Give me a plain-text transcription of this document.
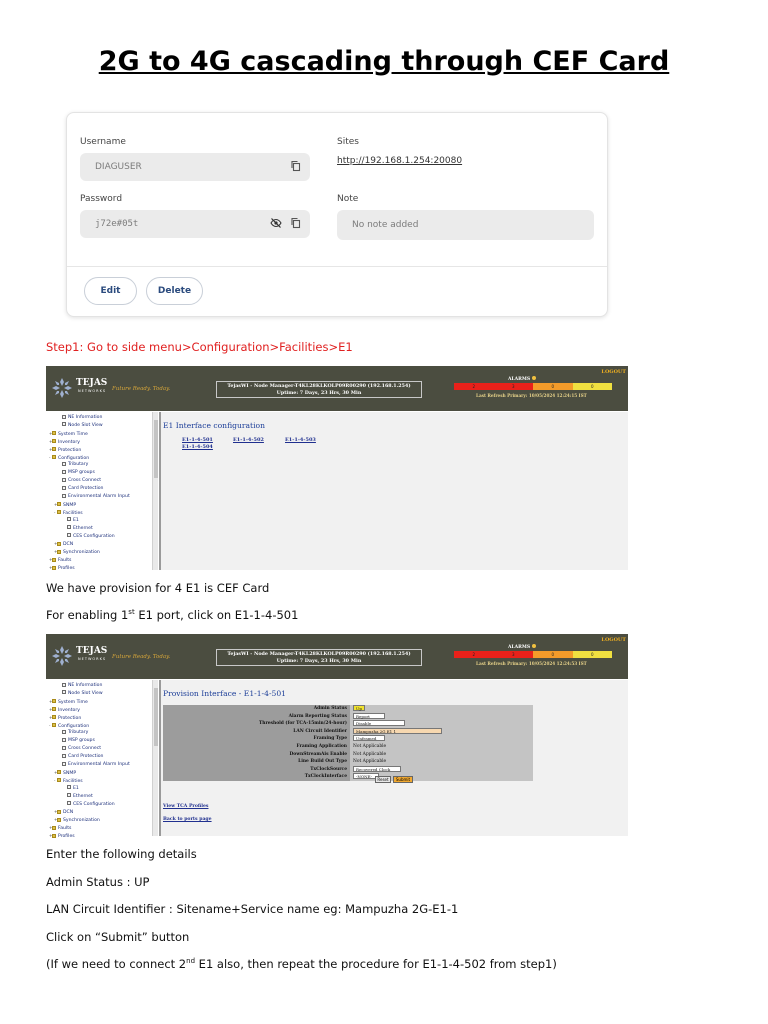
2G to 4G cascading through CEF Card
Username
DIAGUSER
Password
j72e#05t
Sites
http://192.168.1.254:20080
Note
No note added
Edit	Delete
Step1: Go to side menu>Configuration>Facilities>E1
TEJAS
NETWORKS Future Ready. Today.	TejasWI - Node Manager-T4KL28KLKOLP09R00290 (192.168.1.254)
Uptime: 7 Days, 23 Hrs, 30 Min
ALARMS
2	3	0	0
Last Refresh Primary: 10/05/2024 12:24:15 IST
LOGOUT
NE Information
Node Slot View
+ System Time
+ Inventory
+ Protection
- Configuration
Tributary
MSP groups
Cross Connect
Card Protection
Environmental Alarm Input
+ SNMP
- Facilities
E1
Ethernet
CES Configuration
+ DCN
+ Synchronization
+ Faults
+ Profiles
E1 Interface configuration
E1-1-4-501	E1-1-4-502	E1-1-4-503
E1-1-4-504
We have provision for 4 E1 is CEF Card
For enabling 1st E1 port, click on E1-1-4-501
TEJAS
NETWORKS Future Ready. Today.	TejasWI - Node Manager-T4KL28KLKOLP09R00290 (192.168.1.254)
Uptime: 7 Days, 23 Hrs, 30 Min
ALARMS
2	3	0	0
Last Refresh Primary: 10/05/2024 12:24:53 IST
LOGOUT
NE Information
Node Slot View
+ System Time
+ Inventory
+ Protection
- Configuration
Tributary
MSP groups
Cross Connect
Card Protection
Environmental Alarm Input
+ SNMP
- Facilities
E1
Ethernet
CES Configuration
+ DCN
+ Synchronization
+ Faults
+ Profiles
Provision Interface - E1-1-4-501
Admin Status	Up
Alarm Reporting Status	Report
Threshold (for TCA-15min/24-hour)	Disable
LAN Circuit Identifier	Mampuzha 2G E1 1
Framing Type	Unframed
Framing Application	Not Applicable
DownStreamAis Enable	Not Applicable
Line Build Out Type	Not Applicable
TxClockSource	Recovered Clock
TxClockInterface	-NONE-
Reset	Submit
View TCA Profiles
Back to ports page
Enter the following details
Admin Status : UP
LAN Circuit Identifier : Sitename+Service name eg: Mampuzha 2G-E1-1
Click on “Submit” button
(If we need to connect 2nd E1 also, then repeat the procedure for E1-1-4-502 from step1)
